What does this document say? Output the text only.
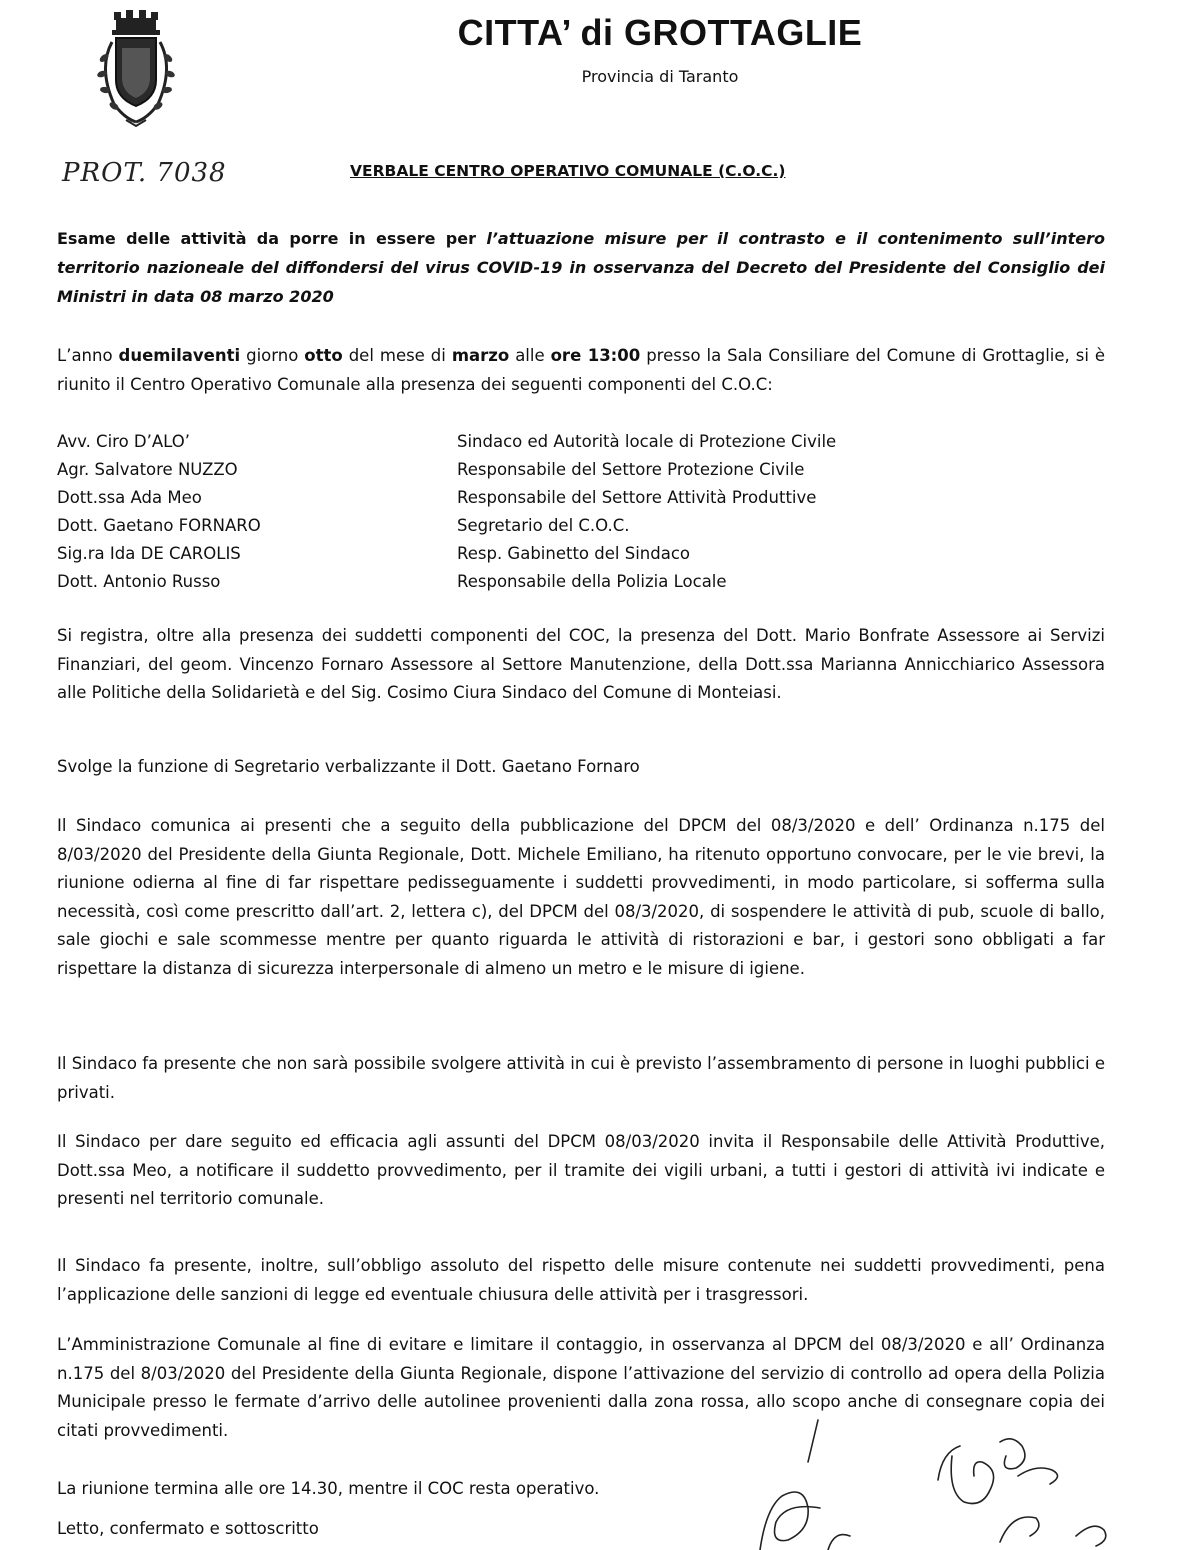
CITTA’ di GROTTAGLIE
Provincia di Taranto
PROT. 7038	VERBALE CENTRO OPERATIVO COMUNALE (C.O.C.)
Esame delle attività da porre in essere per l’attuazione misure per il contrasto e il contenimento sull’intero territorio nazioneale del diffondersi del virus COVID-19 in osservanza del Decreto del Presidente del Consiglio dei Ministri in data 08 marzo 2020
L’anno duemilaventi giorno otto del mese di marzo alle ore 13:00 presso la Sala Consiliare del Comune di Grottaglie, si è riunito il Centro Operativo Comunale alla presenza dei seguenti componenti del C.O.C:
Avv. Ciro D’ALO’	Sindaco ed Autorità locale di Protezione Civile
Agr. Salvatore NUZZO	Responsabile del Settore Protezione Civile
Dott.ssa Ada Meo	Responsabile del Settore Attività Produttive
Dott. Gaetano FORNARO	Segretario del C.O.C.
Sig.ra Ida DE CAROLIS	Resp. Gabinetto del Sindaco
Dott. Antonio Russo	Responsabile della Polizia Locale
Si registra, oltre alla presenza dei suddetti componenti del COC, la presenza del Dott. Mario Bonfrate Assessore ai Servizi Finanziari, del geom. Vincenzo Fornaro Assessore al Settore Manutenzione, della Dott.ssa Marianna Annicchiarico Assessora alle Politiche della Solidarietà e del Sig. Cosimo Ciura Sindaco del Comune di Monteiasi.
Svolge la funzione di Segretario verbalizzante il Dott. Gaetano Fornaro
Il Sindaco comunica ai presenti che a seguito della pubblicazione del DPCM del 08/3/2020 e dell’ Ordinanza n.175 del 8/03/2020 del Presidente della Giunta Regionale, Dott. Michele Emiliano, ha ritenuto opportuno convocare, per le vie brevi, la riunione odierna al fine di far rispettare pedisseguamente i suddetti provvedimenti, in modo particolare, si sofferma sulla necessità, così come prescritto dall’art. 2, lettera c), del DPCM del 08/3/2020, di sospendere le attività di pub, scuole di ballo, sale giochi e sale scommesse mentre per quanto riguarda le attività di ristorazioni e bar, i gestori sono obbligati a far rispettare la distanza di sicurezza interpersonale di almeno un metro e le misure di igiene.
Il Sindaco fa presente che non sarà possibile svolgere attività in cui è previsto l’assembramento di persone in luoghi pubblici e privati.
Il Sindaco per dare seguito ed efficacia agli assunti del DPCM 08/03/2020 invita il Responsabile delle Attività Produttive, Dott.ssa Meo, a notificare il suddetto provvedimento, per il tramite dei vigili urbani, a tutti i gestori di attività ivi indicate e presenti nel territorio comunale.
Il Sindaco fa presente, inoltre, sull’obbligo assoluto del rispetto delle misure contenute nei suddetti provvedimenti, pena l’applicazione delle sanzioni di legge ed eventuale chiusura delle attività per i trasgressori.
L’Amministrazione Comunale al fine di evitare e limitare il contaggio, in osservanza al DPCM del 08/3/2020 e all’ Ordinanza n.175 del 8/03/2020 del Presidente della Giunta Regionale, dispone l’attivazione del servizio di controllo ad opera della Polizia Municipale presso le fermate d’arrivo delle autolinee provenienti dalla zona rossa, allo scopo anche di consegnare copia dei citati provvedimenti.
La riunione termina alle ore 14.30, mentre il COC resta operativo.
Letto, confermato e sottoscritto
